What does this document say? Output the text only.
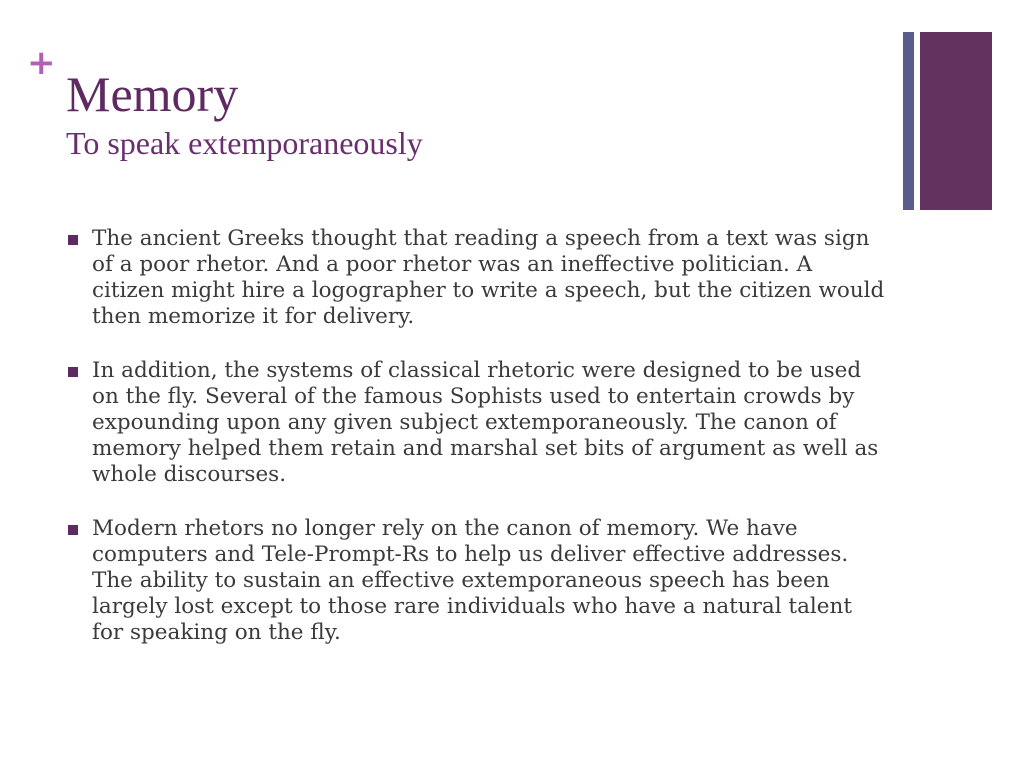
+
Memory
To speak extemporaneously
The ancient Greeks thought that reading a speech from a text was sign of a poor rhetor. And a poor rhetor was an ineffective politician. A citizen might hire a logographer to write a speech, but the citizen would then memorize it for delivery.
In addition, the systems of classical rhetoric were designed to be used on the fly. Several of the famous Sophists used to entertain crowds by expounding upon any given subject extemporaneously. The canon of memory helped them retain and marshal set bits of argument as well as whole discourses.
Modern rhetors no longer rely on the canon of memory. We have computers and Tele-Prompt-Rs to help us deliver effective addresses. The ability to sustain an effective extemporaneous speech has been largely lost except to those rare individuals who have a natural talent for speaking on the fly.
